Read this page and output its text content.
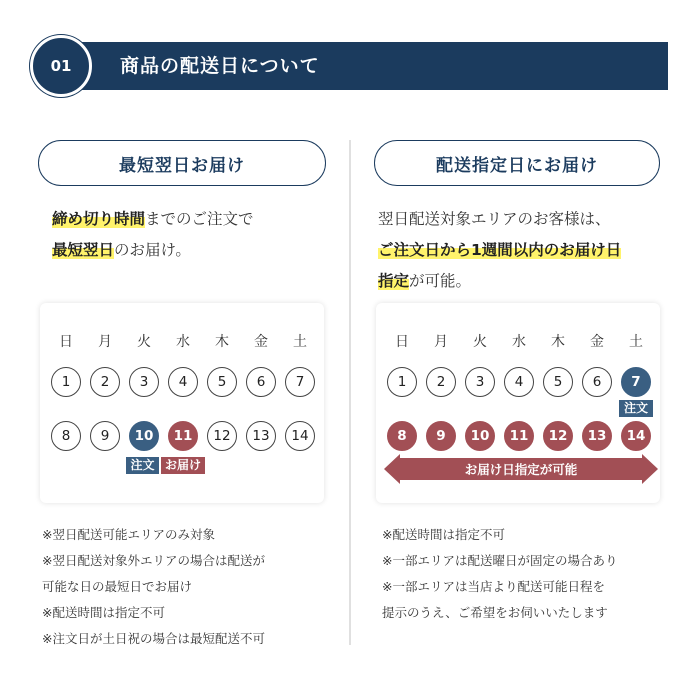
商品の配送日について
01
最短翌日お届け
締め切り時間までのご注文で
最短翌日のお届け。
日	月	火	水	木	金	土
1	2	3	4	5	6	7
8	9	10	11	12	13	14
注文 お届け
※翌日配送可能エリアのみ対象
※翌日配送対象外エリアの場合は配送が
可能な日の最短日でお届け
※配送時間は指定不可
※注文日が土日祝の場合は最短配送不可
配送指定日にお届け
翌日配送対象エリアのお客様は、
ご注文日から1週間以内のお届け日
指定が可能。
日	月	火	水	木	金	土
1	2	3	4	5	6	7
注文
8	9	10	11	12	13	14
お届け日指定が可能
※配送時間は指定不可
※一部エリアは配送曜日が固定の場合あり
※一部エリアは当店より配送可能日程を
提示のうえ、ご希望をお伺いいたします
